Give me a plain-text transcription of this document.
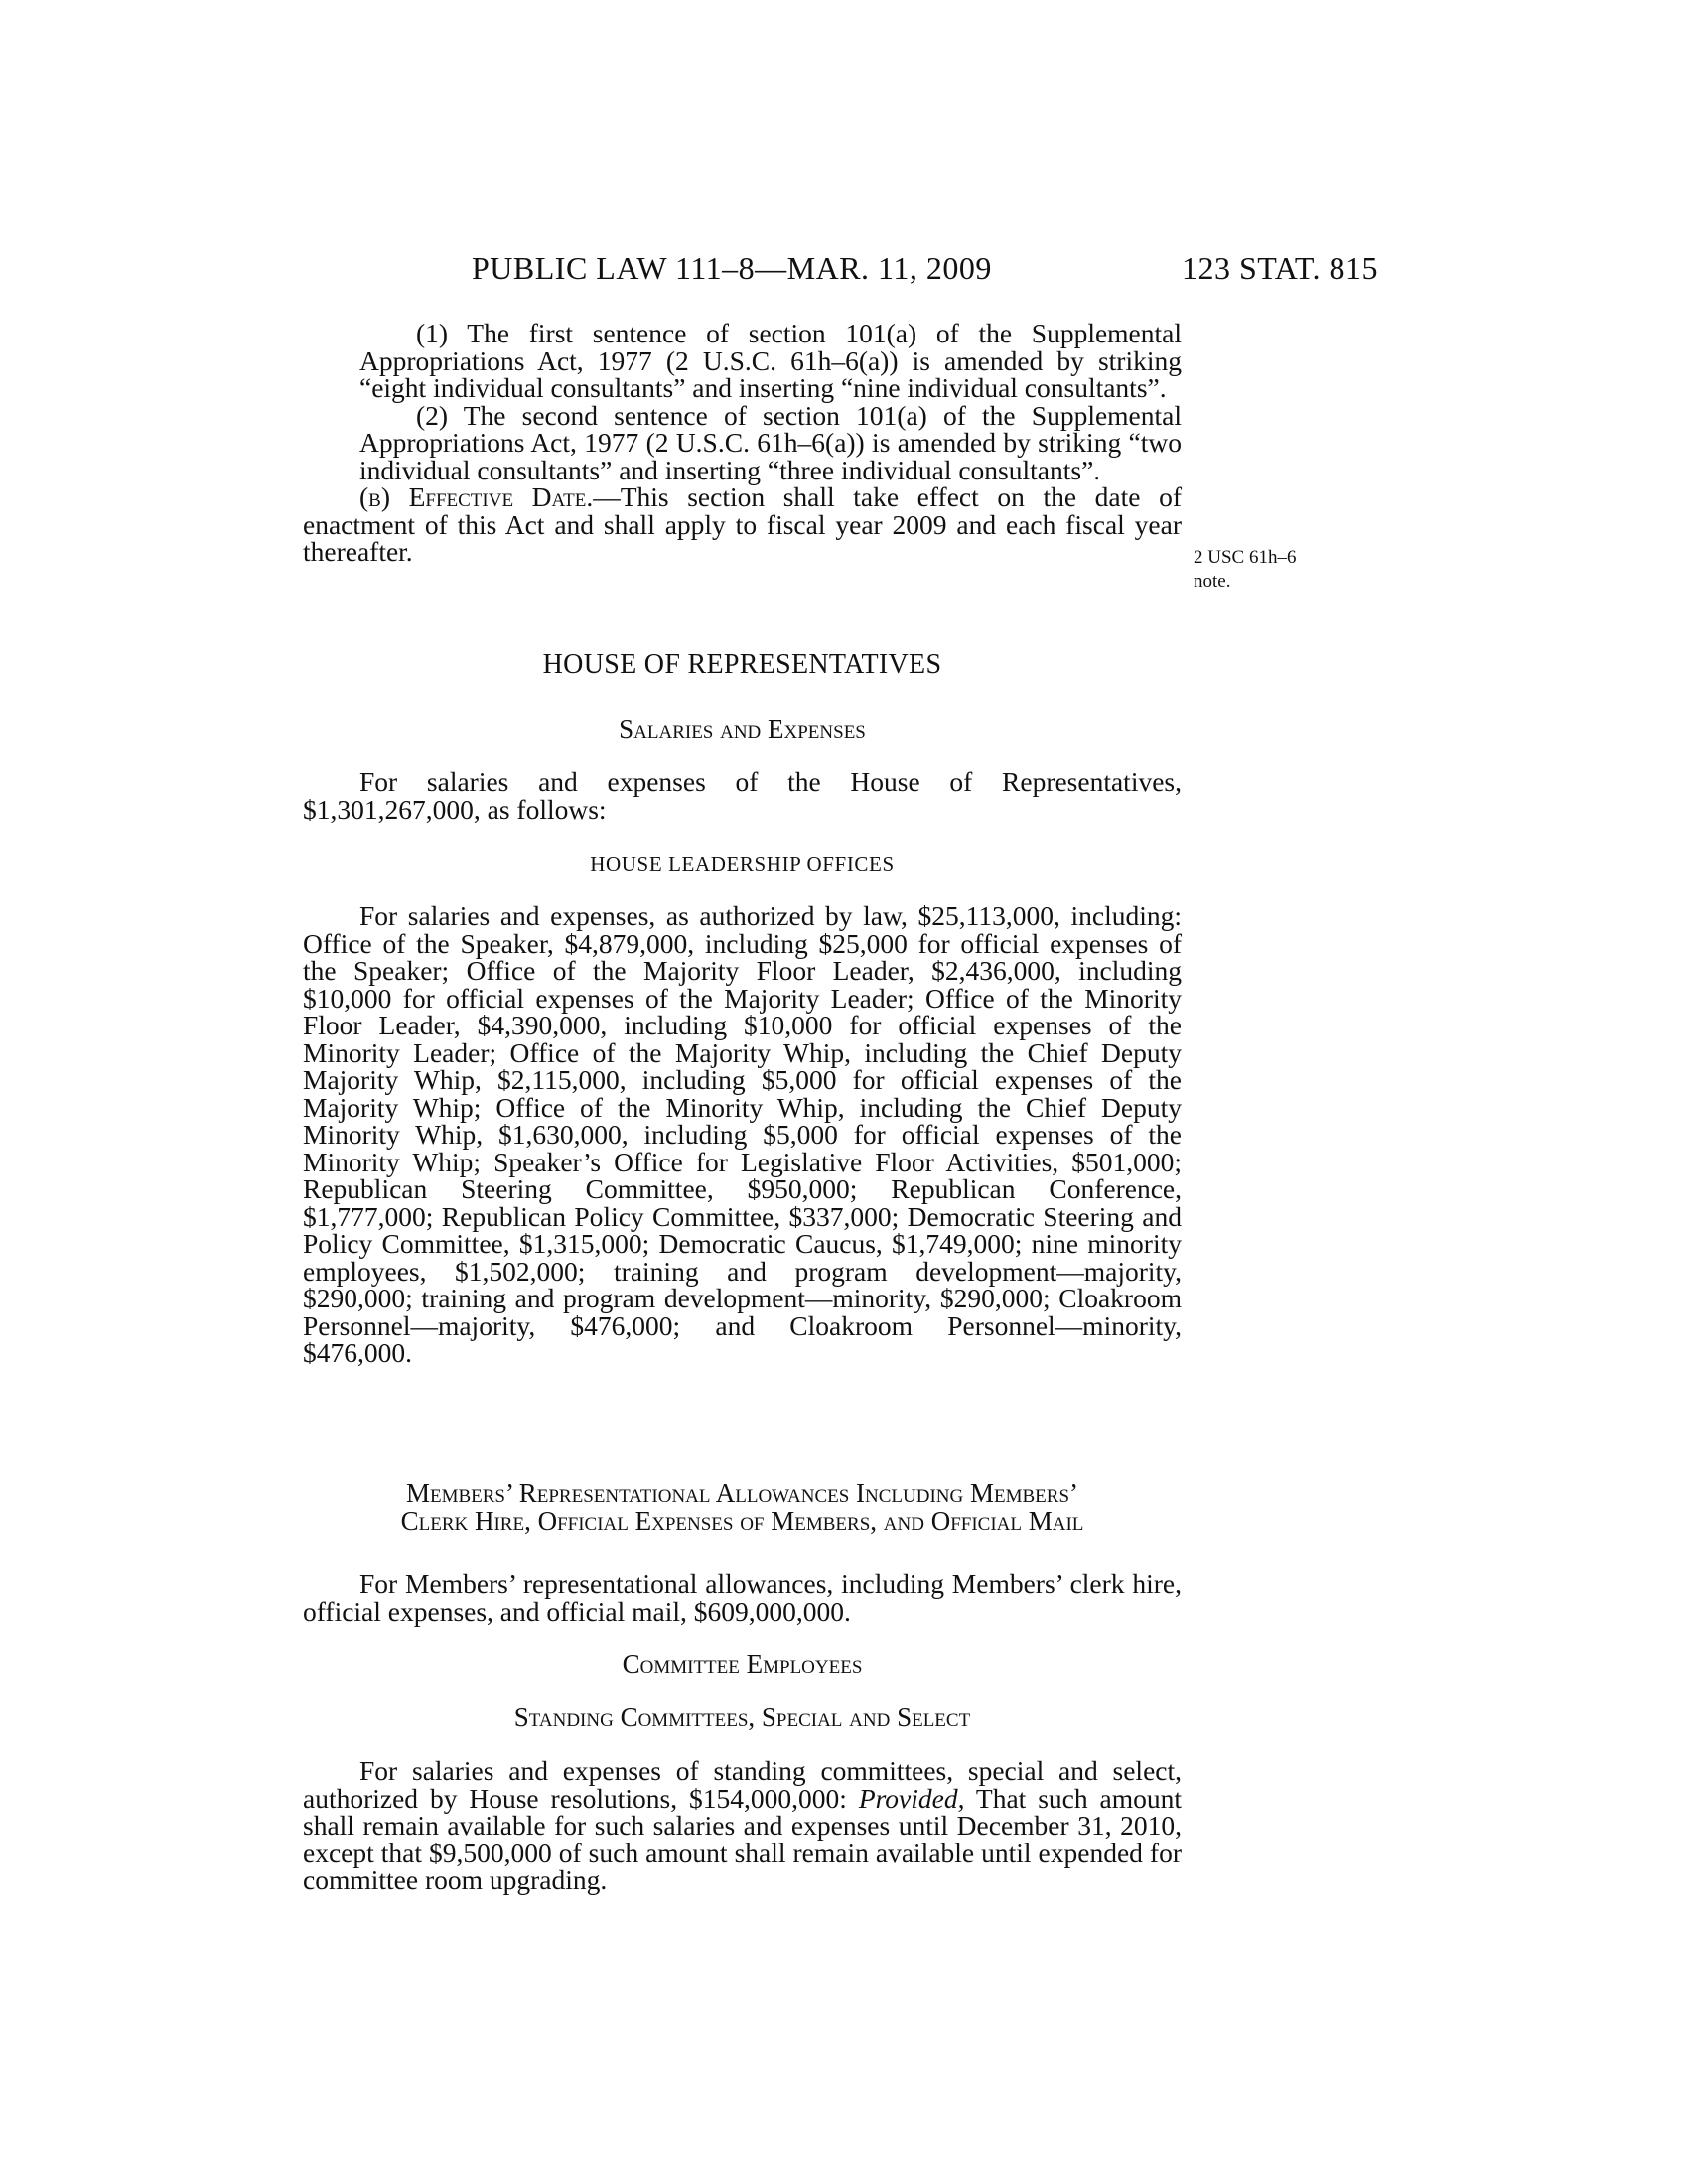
PUBLIC LAW 111–8—MAR. 11, 2009	123 STAT. 815
2 USC 61h–6
note.

(1) The first sentence of section 101(a) of the Supplemental Appropriations Act, 1977 (2 U.S.C. 61h–6(a)) is amended by striking “eight individual consultants” and inserting “nine individual consultants”.

(2) The second sentence of section 101(a) of the Supplemental Appropriations Act, 1977 (2 U.S.C. 61h–6(a)) is amended by striking “two individual consultants” and inserting “three individual consultants”.

(b) Effective Date.—This section shall take effect on the date of enactment of this Act and shall apply to fiscal year 2009 and each fiscal year thereafter.

HOUSE OF REPRESENTATIVES

Salaries and Expenses

For salaries and expenses of the House of Representatives, $1,301,267,000, as follows:

HOUSE LEADERSHIP OFFICES

For salaries and expenses, as authorized by law, $25,113,000, including: Office of the Speaker, $4,879,000, including $25,000 for official expenses of the Speaker; Office of the Majority Floor Leader, $2,436,000, including $10,000 for official expenses of the Majority Leader; Office of the Minority Floor Leader, $4,390,000, including $10,000 for official expenses of the Minority Leader; Office of the Majority Whip, including the Chief Deputy Majority Whip, $2,115,000, including $5,000 for official expenses of the Majority Whip; Office of the Minority Whip, including the Chief Deputy Minority Whip, $1,630,000, including $5,000 for official expenses of the Minority Whip; Speaker’s Office for Legislative Floor Activities, $501,000; Republican Steering Committee, $950,000; Republican Conference, $1,777,000; Republican Policy Committee, $337,000; Democratic Steering and Policy Committee, $1,315,000; Democratic Caucus, $1,749,000; nine minority employees, $1,502,000; training and program development—majority, $290,000; training and program development—minority, $290,000; Cloakroom Personnel—majority, $476,000; and Cloakroom Personnel—minority, $476,000.

Members’ Representational Allowances Including Members’

Clerk Hire, Official Expenses of Members, and Official Mail

For Members’ representational allowances, including Members’ clerk hire, official expenses, and official mail, $609,000,000.

Committee Employees

Standing Committees, Special and Select

For salaries and expenses of standing committees, special and select, authorized by House resolutions, $154,000,000: Provided, That such amount shall remain available for such salaries and expenses until December 31, 2010, except that $9,500,000 of such amount shall remain available until expended for committee room upgrading.
